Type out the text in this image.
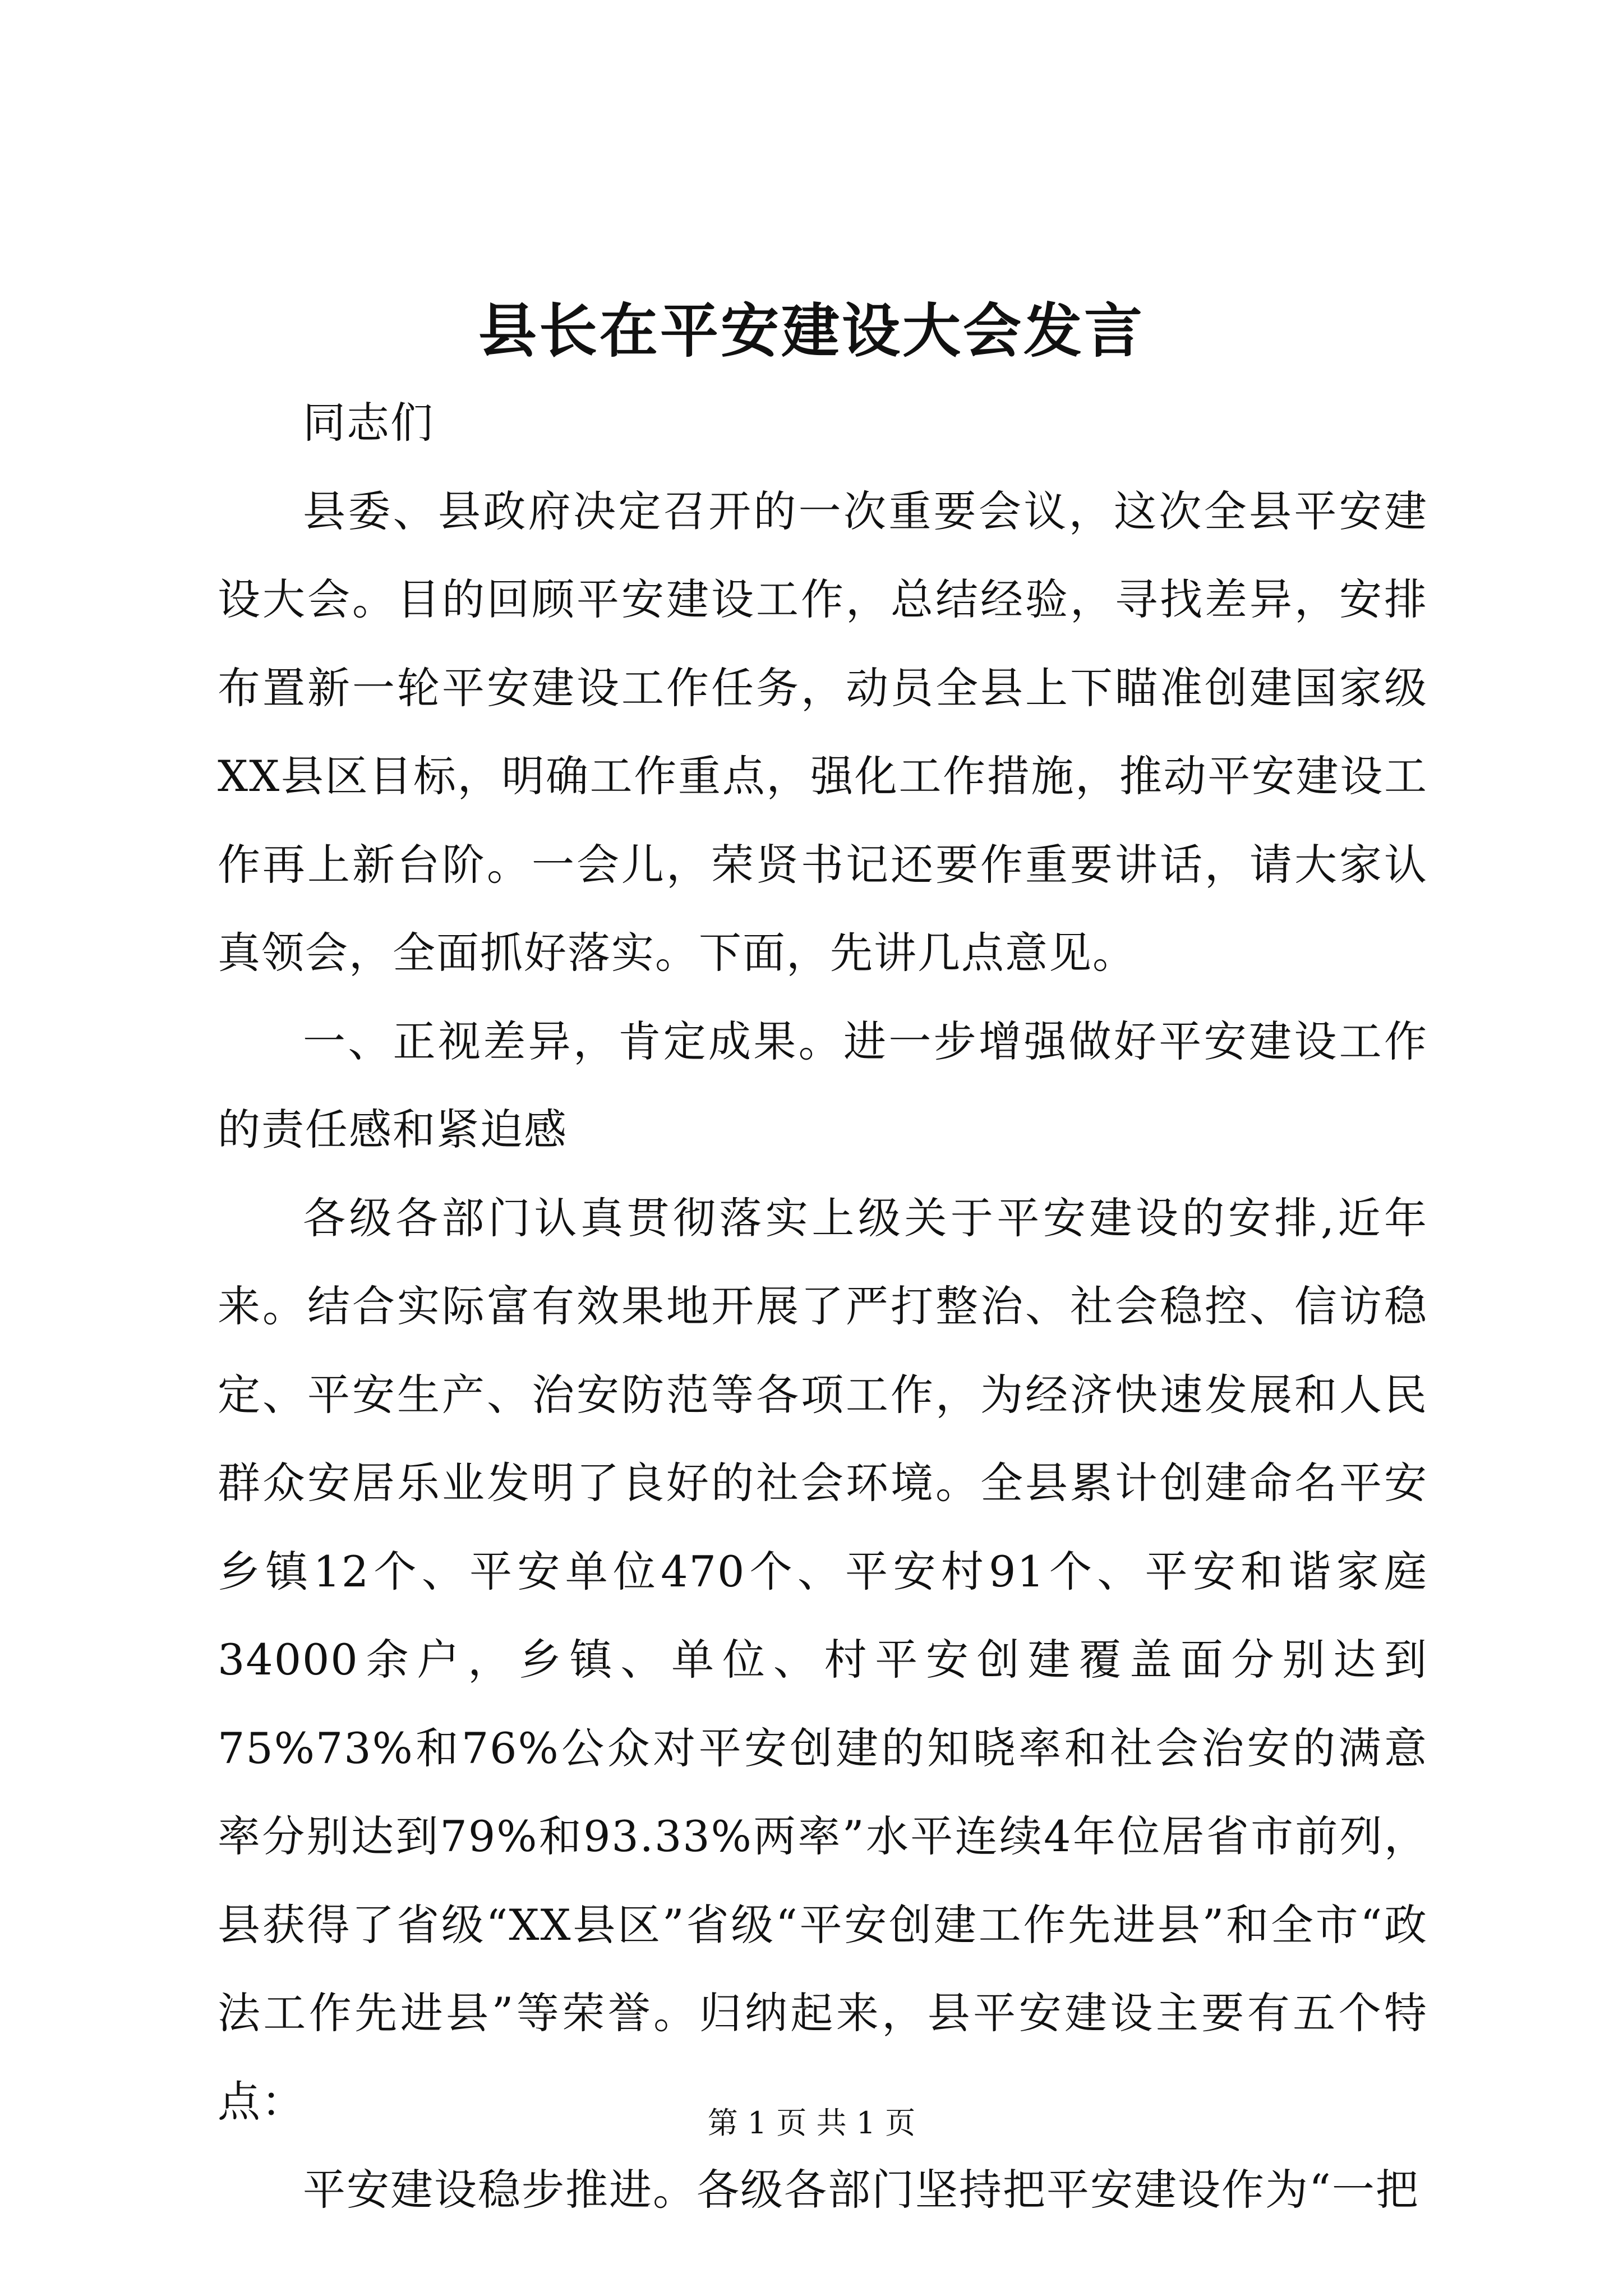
县长在平安建设大会发言

同志们

县委、县政府决定召开的一次重要会议，这次全县平安建设大会。目的回顾平安建设工作，总结经验，寻找差异，安排布置新一轮平安建设工作任务，动员全县上下瞄准创建国家级XX县区目标，明确工作重点，强化工作措施，推动平安建设工作再上新台阶。一会儿，荣贤书记还要作重要讲话，请大家认真领会，全面抓好落实。下面，先讲几点意见。

一、正视差异，肯定成果。进一步增强做好平安建设工作的责任感和紧迫感

各级各部门认真贯彻落实上级关于平安建设的安排,近年来。结合实际富有效果地开展了严打整治、社会稳控、信访稳定、平安生产、治安防范等各项工作，为经济快速发展和人民群众安居乐业发明了良好的社会环境。全县累计创建命名平安乡镇12个、平安单位470个、平安村91个、平安和谐家庭34000余户，乡镇、单位、村平安创建覆盖面分别达到75%73%和76%公众对平安创建的知晓率和社会治安的满意率分别达到79%和93.33%两率”水平连续4年位居省市前列，县获得了省级“XX县区”省级“平安创建工作先进县”和全市“政法工作先进县”等荣誉。归纳起来，县平安建设主要有五个特点：

平安建设稳步推进。各级各部门坚持把平安建设作为“一把

第 1 页 共 1 页
